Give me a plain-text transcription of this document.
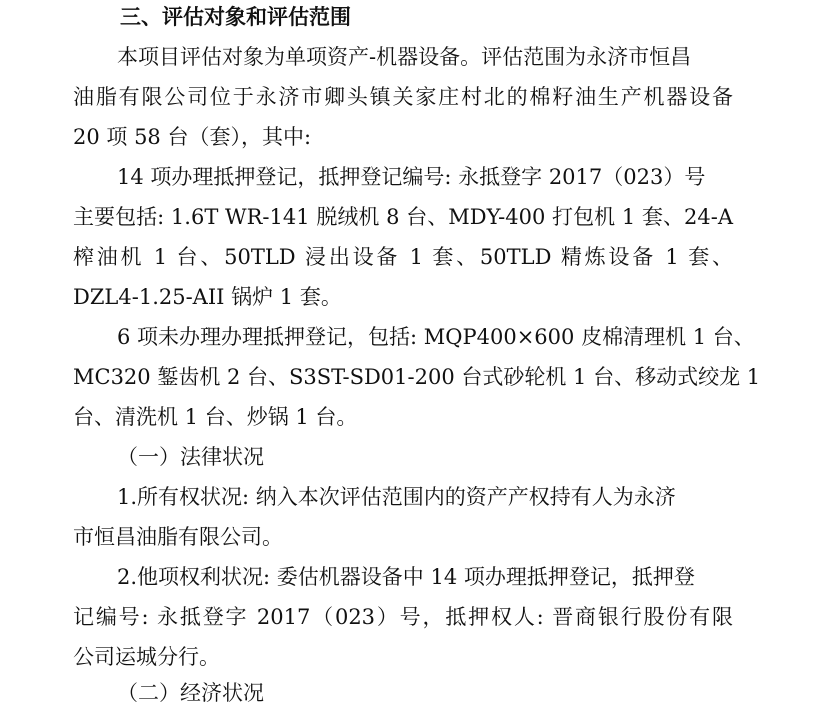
三、评估对象和评估范围
本项目评估对象为单项资产-机器设备。评估范围为永济市恒昌
油脂有限公司位于永济市卿头镇关家庄村北的棉籽油生产机器设备
20 项 58 台（套），其中:
14 项办理抵押登记，抵押登记编号: 永抵登字 2017（023）号
主要包括: 1.6T WR-141 脱绒机 8 台、MDY-400 打包机 1 套、24-A
榨油机 1 台、50TLD 浸出设备 1 套、50TLD 精炼设备 1 套、
DZL4-1.25-AII 锅炉 1 套。
6 项未办理办理抵押登记，包括: MQP400×600 皮棉清理机 1 台、
MC320 錾齿机 2 台、S3ST-SD01-200 台式砂轮机 1 台、移动式绞龙 1
台、清洗机 1 台、炒锅 1 台。
（一）法律状况
1.所有权状况: 纳入本次评估范围内的资产产权持有人为永济
市恒昌油脂有限公司。
2.他项权利状况: 委估机器设备中 14 项办理抵押登记，抵押登
记编号: 永抵登字 2017（023）号，抵押权人: 晋商银行股份有限
公司运城分行。
（二）经济状况
